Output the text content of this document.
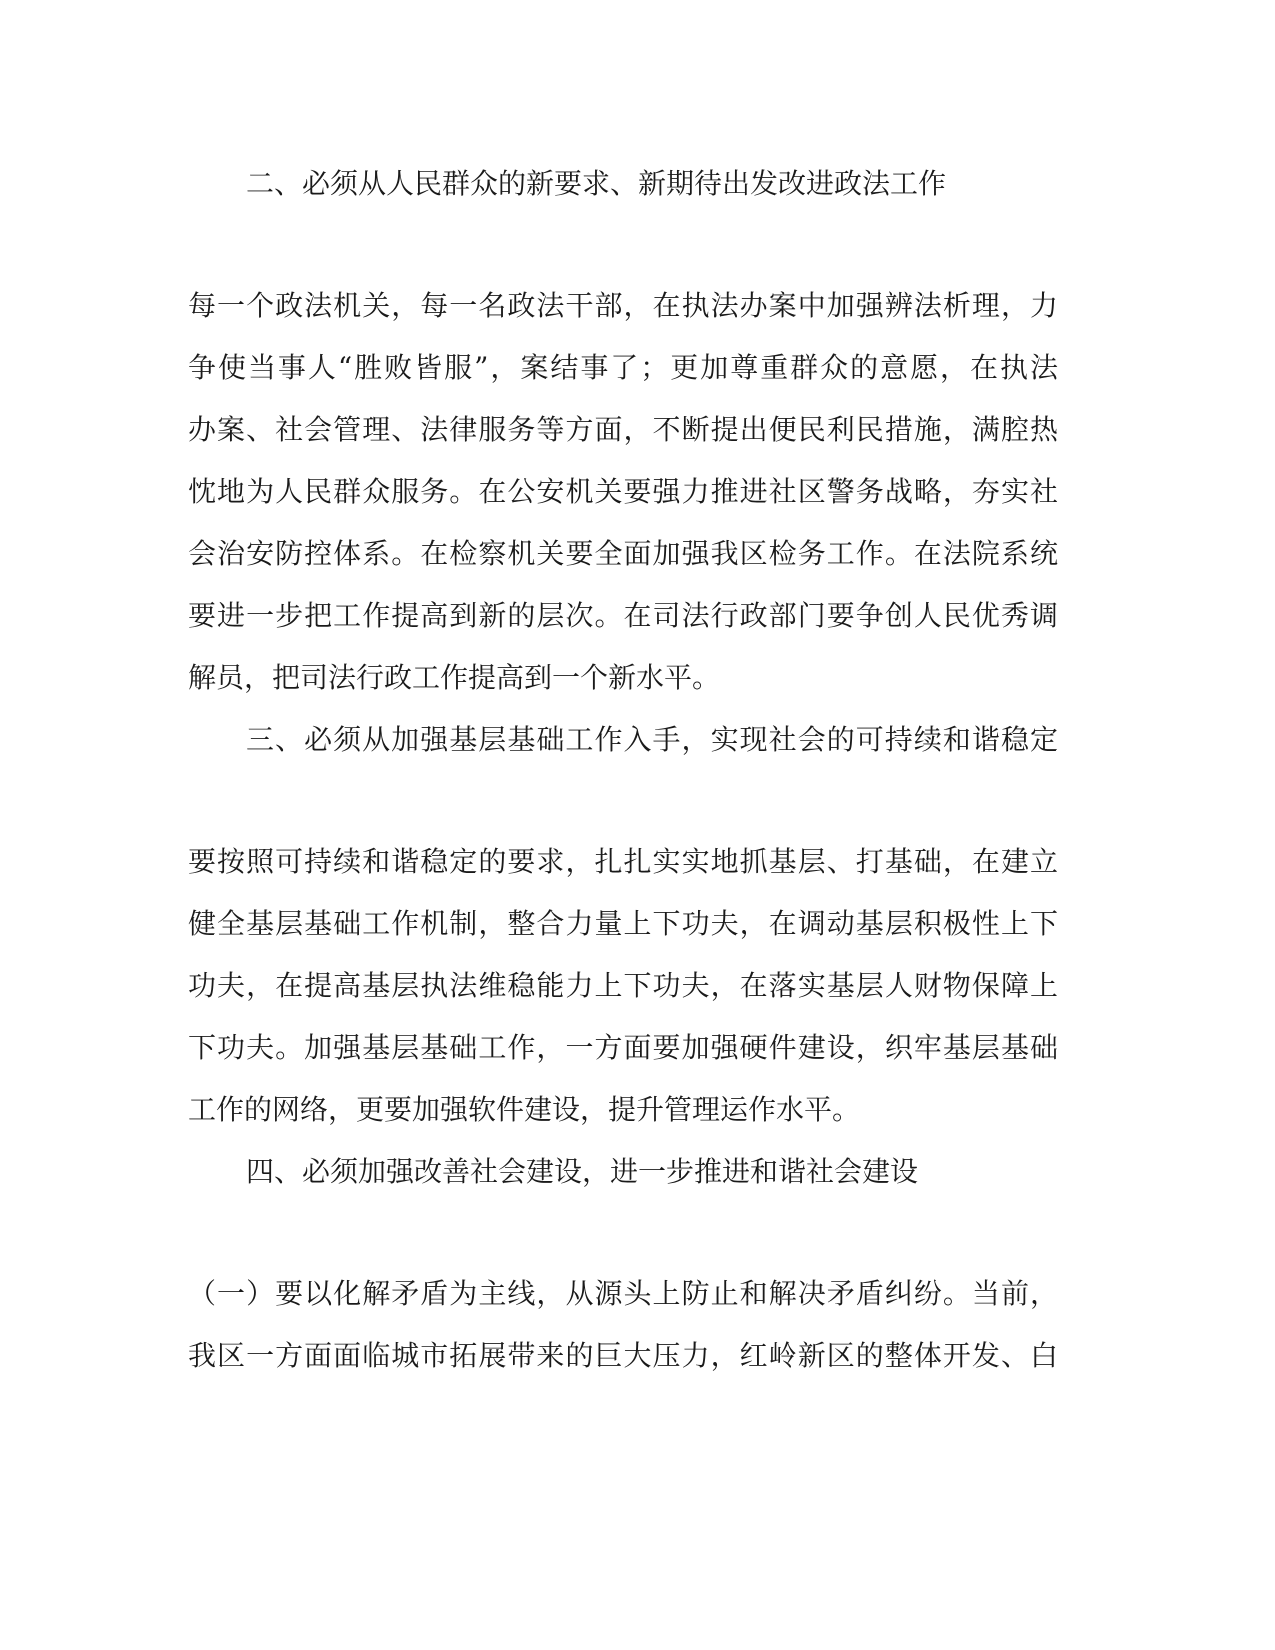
二、必须从人民群众的新要求、新期待出发改进政法工作

每一个政法机关，每一名政法干部，在执法办案中加强辨法析理，力

争使当事人“胜败皆服”，案结事了；更加尊重群众的意愿，在执法

办案、社会管理、法律服务等方面，不断提出便民利民措施，满腔热

忱地为人民群众服务。在公安机关要强力推进社区警务战略，夯实社

会治安防控体系。在检察机关要全面加强我区检务工作。在法院系统

要进一步把工作提高到新的层次。在司法行政部门要争创人民优秀调

解员，把司法行政工作提高到一个新水平。

三、必须从加强基层基础工作入手，实现社会的可持续和谐稳定

要按照可持续和谐稳定的要求，扎扎实实地抓基层、打基础，在建立

健全基层基础工作机制，整合力量上下功夫，在调动基层积极性上下

功夫，在提高基层执法维稳能力上下功夫，在落实基层人财物保障上

下功夫。加强基层基础工作，一方面要加强硬件建设，织牢基层基础

工作的网络，更要加强软件建设，提升管理运作水平。

四、必须加强改善社会建设，进一步推进和谐社会建设

（一）要以化解矛盾为主线，从源头上防止和解决矛盾纠纷。当前，

我区一方面面临城市拓展带来的巨大压力，红岭新区的整体开发、白
